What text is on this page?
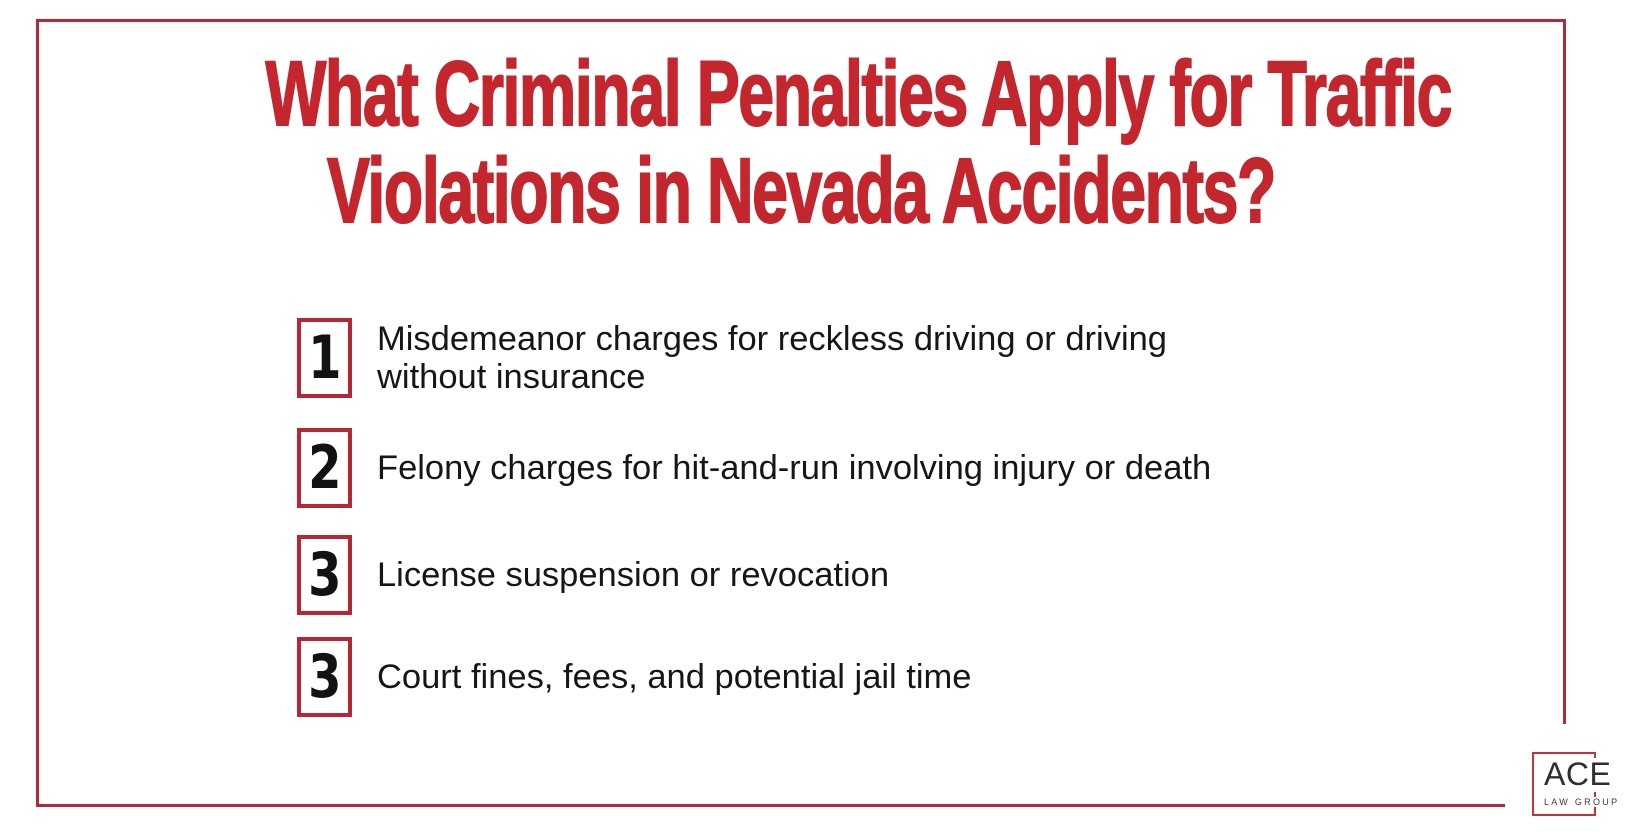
What Criminal Penalties Apply for Traffic
Violations in Nevada Accidents?
1 Misdemeanor charges for reckless driving or driving without insurance
2 Felony charges for hit-and-run involving injury or death
3 License suspension or revocation
3 Court fines, fees, and potential jail time
ACE
LAW GROUP
